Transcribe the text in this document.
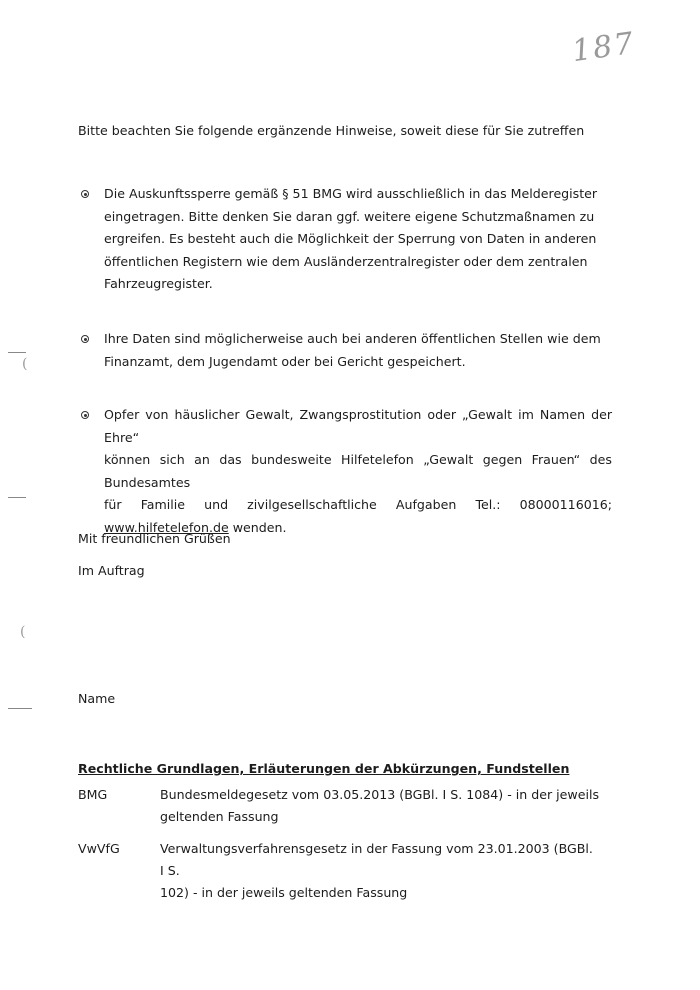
187
Bitte beachten Sie folgende ergänzende Hinweise, soweit diese für Sie zutreffen
Die Auskunftssperre gemäß § 51 BMG wird ausschließlich in das Melderegister
eingetragen. Bitte denken Sie daran ggf. weitere eigene Schutzmaßnamen zu
ergreifen. Es besteht auch die Möglichkeit der Sperrung von Daten in anderen
öffentlichen Registern wie dem Ausländerzentralregister oder dem zentralen
Fahrzeugregister.
Ihre Daten sind möglicherweise auch bei anderen öffentlichen Stellen wie dem
Finanzamt, dem Jugendamt oder bei Gericht gespeichert.
Opfer von häuslicher Gewalt, Zwangsprostitution oder „Gewalt im Namen der Ehre“
können sich an das bundesweite Hilfetelefon „Gewalt gegen Frauen“ des Bundesamtes
für Familie und zivilgesellschaftliche Aufgaben Tel.: 08000116016;
www.hilfetelefon.de wenden.
Mit freundlichen Grüßen
Im Auftrag
Name
Rechtliche Grundlagen, Erläuterungen der Abkürzungen, Fundstellen
BMG	Bundesmeldegesetz vom 03.05.2013 (BGBl. I S. 1084) - in der jeweils
geltenden Fassung
VwVfG	Verwaltungsverfahrensgesetz in der Fassung vom 23.01.2003 (BGBl. I S.
102) - in der jeweils geltenden Fassung
(
(
